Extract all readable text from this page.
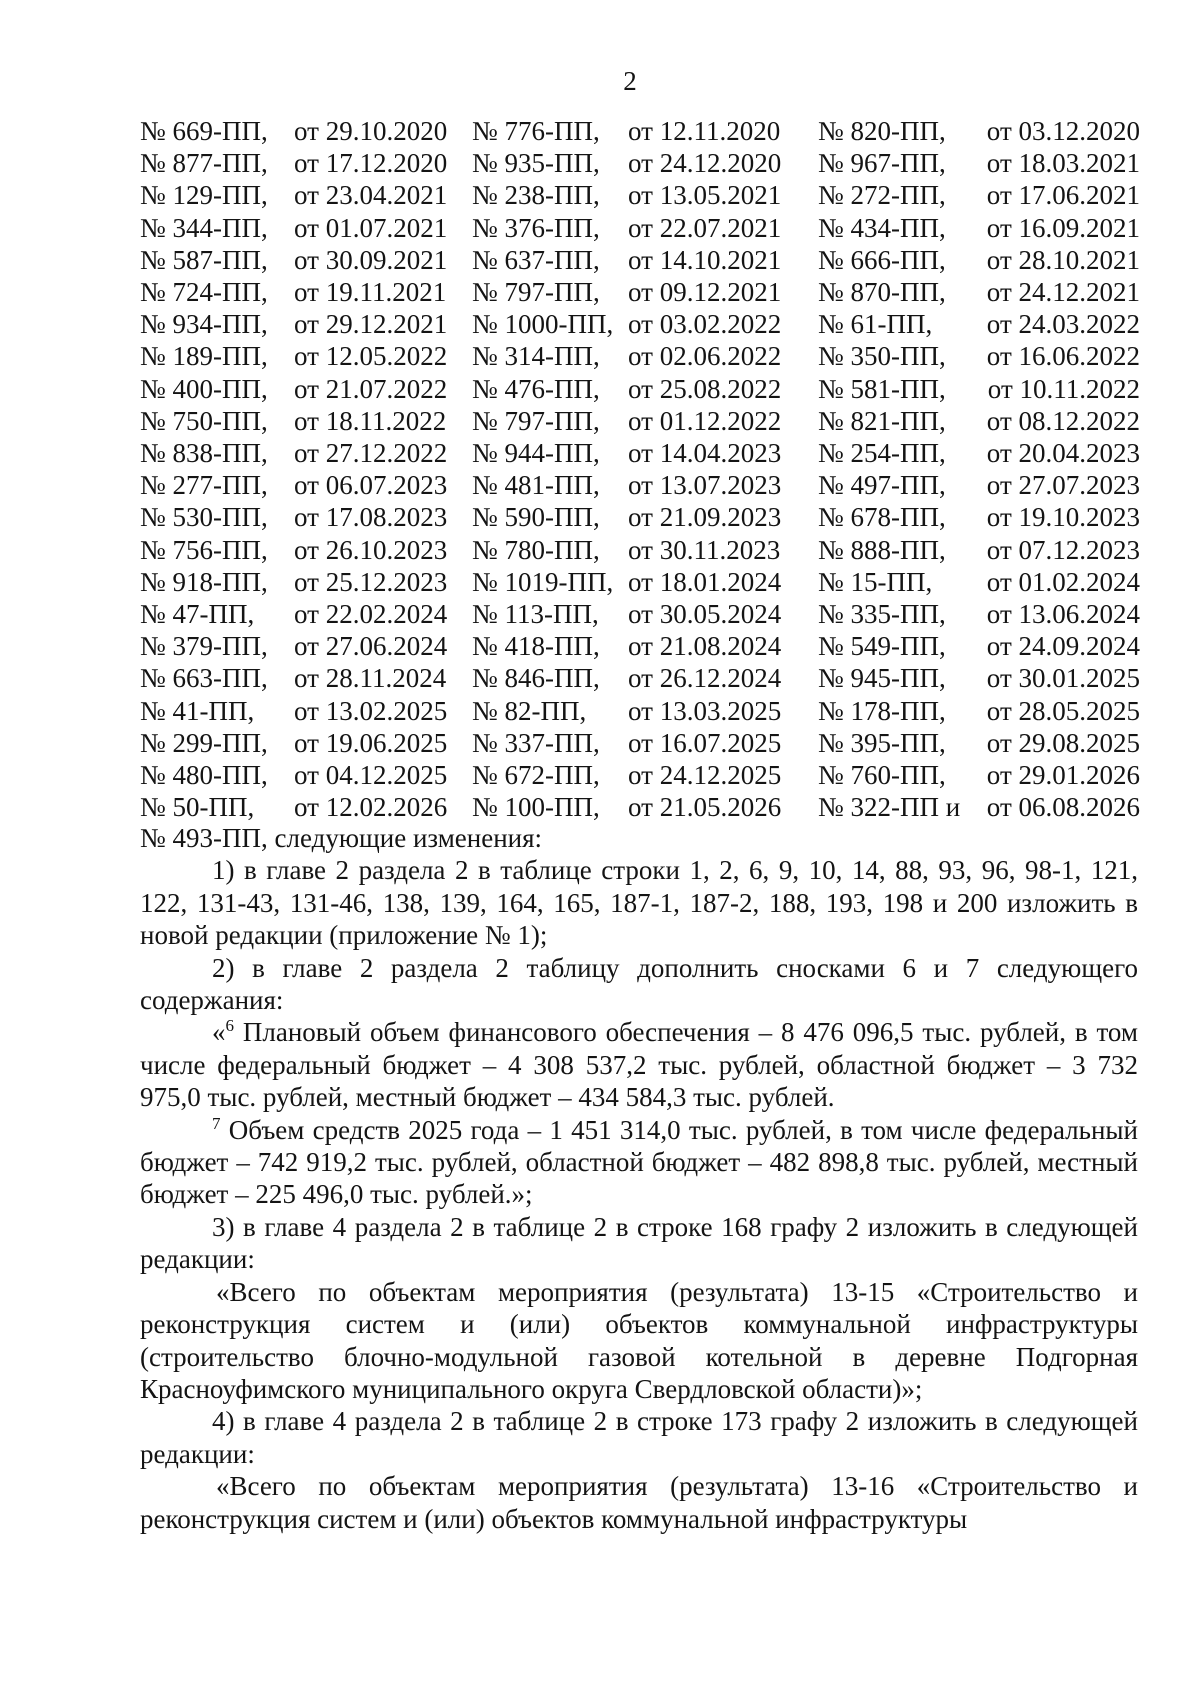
2
№ 669-ПП,	от 29.10.2020	№ 776-ПП,	от 12.11.2020	№ 820-ПП,	от 03.12.2020
№ 877-ПП,	от 17.12.2020	№ 935-ПП,	от 24.12.2020	№ 967-ПП,	от 18.03.2021
№ 129-ПП,	от 23.04.2021	№ 238-ПП,	от 13.05.2021	№ 272-ПП,	от 17.06.2021
№ 344-ПП,	от 01.07.2021	№ 376-ПП,	от 22.07.2021	№ 434-ПП,	от 16.09.2021
№ 587-ПП,	от 30.09.2021	№ 637-ПП,	от 14.10.2021	№ 666-ПП,	от 28.10.2021
№ 724-ПП,	от 19.11.2021	№ 797-ПП,	от 09.12.2021	№ 870-ПП,	от 24.12.2021
№ 934-ПП,	от 29.12.2021	№ 1000-ПП,	от 03.02.2022	№ 61-ПП,	от 24.03.2022
№ 189-ПП,	от 12.05.2022	№ 314-ПП,	от 02.06.2022	№ 350-ПП,	от 16.06.2022
№ 400-ПП,	от 21.07.2022	№ 476-ПП,	от 25.08.2022	№ 581-ПП,	от 10.11.2022
№ 750-ПП,	от 18.11.2022	№ 797-ПП,	от 01.12.2022	№ 821-ПП,	от 08.12.2022
№ 838-ПП,	от 27.12.2022	№ 944-ПП,	от 14.04.2023	№ 254-ПП,	от 20.04.2023
№ 277-ПП,	от 06.07.2023	№ 481-ПП,	от 13.07.2023	№ 497-ПП,	от 27.07.2023
№ 530-ПП,	от 17.08.2023	№ 590-ПП,	от 21.09.2023	№ 678-ПП,	от 19.10.2023
№ 756-ПП,	от 26.10.2023	№ 780-ПП,	от 30.11.2023	№ 888-ПП,	от 07.12.2023
№ 918-ПП,	от 25.12.2023	№ 1019-ПП,	от 18.01.2024	№ 15-ПП,	от 01.02.2024
№ 47-ПП,	от 22.02.2024	№ 113-ПП,	от 30.05.2024	№ 335-ПП,	от 13.06.2024
№ 379-ПП,	от 27.06.2024	№ 418-ПП,	от 21.08.2024	№ 549-ПП,	от 24.09.2024
№ 663-ПП,	от 28.11.2024	№ 846-ПП,	от 26.12.2024	№ 945-ПП,	от 30.01.2025
№ 41-ПП,	от 13.02.2025	№ 82-ПП,	от 13.03.2025	№ 178-ПП,	от 28.05.2025
№ 299-ПП,	от 19.06.2025	№ 337-ПП,	от 16.07.2025	№ 395-ПП,	от 29.08.2025
№ 480-ПП,	от 04.12.2025	№ 672-ПП,	от 24.12.2025	№ 760-ПП,	от 29.01.2026
№ 50-ПП,	от 12.02.2026	№ 100-ПП,	от 21.05.2026	№ 322-ПП и	от 06.08.2026

№ 493-ПП, следующие изменения:

1) в главе 2 раздела 2 в таблице строки 1, 2, 6, 9, 10, 14, 88, 93, 96, 98-1, 121, 122, 131-43, 131-46, 138, 139, 164, 165, 187-1, 187-2, 188, 193, 198 и 200 изложить в новой редакции (приложение № 1);

2) в главе 2 раздела 2 таблицу дополнить сносками 6 и 7 следующего содержания:

«$^6$ Плановый объем финансового обеспечения – 8 476 096,5 тыс. рублей, в том числе федеральный бюджет – 4 308 537,2 тыс. рублей, областной бюджет – 3 732 975,0 тыс. рублей, местный бюджет – 434 584,3 тыс. рублей.

$^7$ Объем средств 2025 года – 1 451 314,0 тыс. рублей, в том числе федеральный бюджет – 742 919,2 тыс. рублей, областной бюджет – 482 898,8 тыс. рублей, местный бюджет – 225 496,0 тыс. рублей.»;

3) в главе 4 раздела 2 в таблице 2 в строке 168 графу 2 изложить в следующей редакции:

«Всего по объектам мероприятия (результата) 13-15 «Строительство и реконструкция систем и (или) объектов коммунальной инфраструктуры (строительство блочно-модульной газовой котельной в деревне Подгорная Красноуфимского муниципального округа Свердловской области)»;

4) в главе 4 раздела 2 в таблице 2 в строке 173 графу 2 изложить в следующей редакции:

«Всего по объектам мероприятия (результата) 13-16 «Строительство и реконструкция систем и (или) объектов коммунальной инфраструктуры
